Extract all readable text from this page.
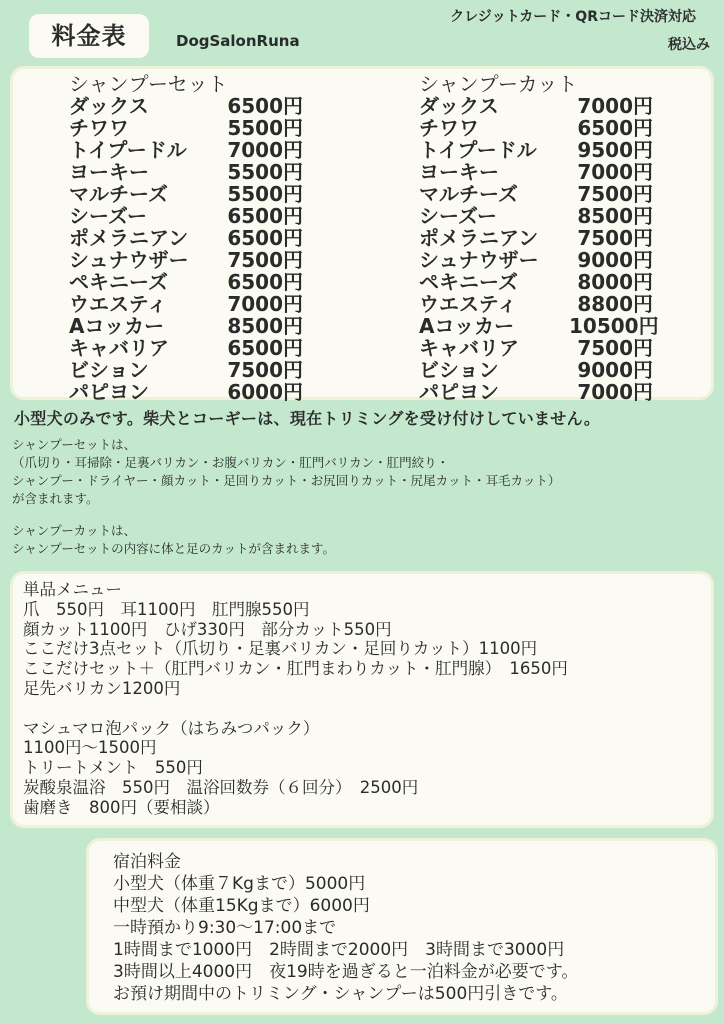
料金表	DogSalonRuna
クレジットカード・QRコード決済対応
税込み
シャンプーセット
ダックス	6500円
チワワ	5500円
トイプードル	7000円
ヨーキー	5500円
マルチーズ	5500円
シーズー	6500円
ポメラニアン	6500円
シュナウザー	7500円
ペキニーズ	6500円
ウエスティ	7000円
Aコッカー	8500円
キャバリア	6500円
ビション	7500円
パピヨン	6000円
シャンプーカット
ダックス	7000円
チワワ	6500円
トイプードル	9500円
ヨーキー	7000円
マルチーズ	7500円
シーズー	8500円
ポメラニアン	7500円
シュナウザー	9000円
ペキニーズ	8000円
ウエスティ	8800円
Aコッカー	10500円
キャバリア	7500円
ビション	9000円
パピヨン	7000円
小型犬のみです。柴犬とコーギーは、現在トリミングを受け付けしていません。
シャンプーセットは、
（爪切り・耳掃除・足裏バリカン・お腹バリカン・肛門バリカン・肛門絞り・
シャンプー・ドライヤー・顔カット・足回りカット・お尻回りカット・尻尾カット・耳毛カット）
が含まれます。
シャンプーカットは、
シャンプーセットの内容に体と足のカットが含まれます。
単品メニュー
爪　550円　耳1100円　肛門腺550円
顔カット1100円　ひげ330円　部分カット550円
ここだけ3点セット（爪切り・足裏バリカン・足回りカット）1100円
ここだけセット＋（肛門バリカン・肛門まわりカット・肛門腺）　1650円
足先バリカン1200円
マシュマロ泡パック（はちみつパック）
1100円～1500円
トリートメント　550円
炭酸泉温浴　550円　温浴回数券（６回分）　2500円
歯磨き　800円（要相談）
宿泊料金
小型犬（体重７Kgまで）5000円
中型犬（体重15Kgまで）6000円
一時預かり9:30～17:00まで
1時間まで1000円　2時間まで2000円　3時間まで3000円
3時間以上4000円　夜19時を過ぎると一泊料金が必要です。
お預け期間中のトリミング・シャンプーは500円引きです。
